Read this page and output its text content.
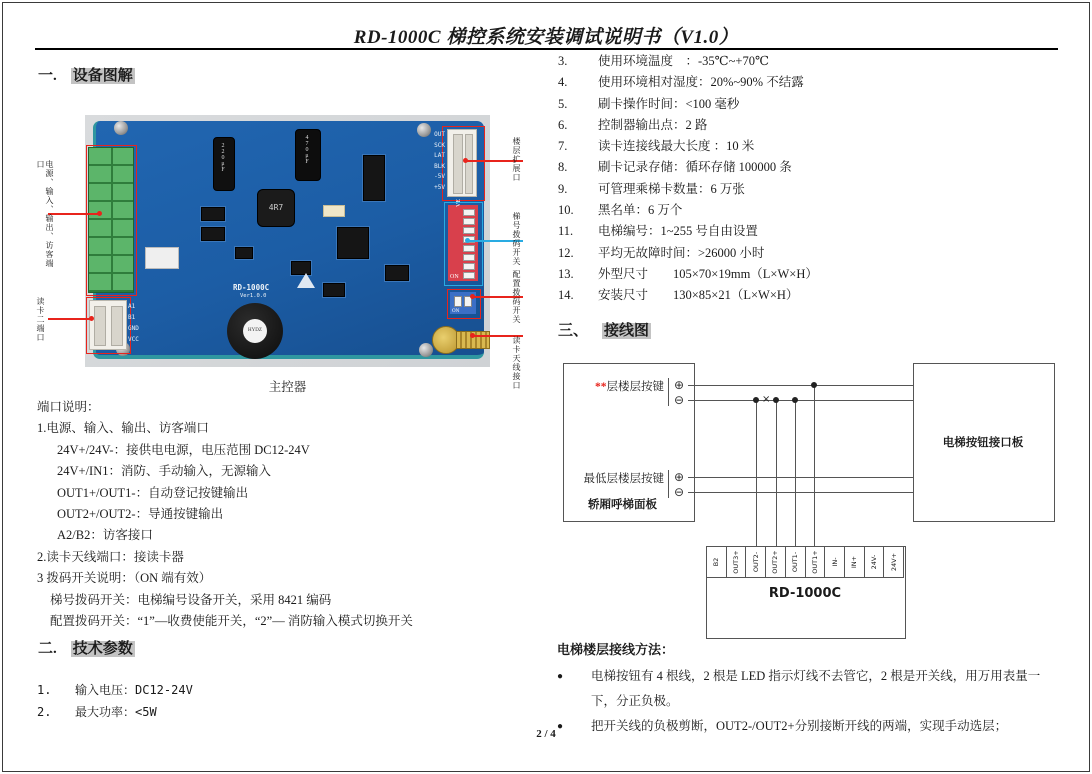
RD-1000C 梯控系统安装调试说明书（V1.0）
一. 设备图解
A1
B1
GND
VCC
OUT
SCK
LAT
BLK
-5V
+5V
VE
ON
ON
HYDZ
220μF	470μF
4R7
RD-1000C
Ver1.0.0
电源、输入、输出、访客端口
读卡二端口
楼层扩展口
梯号拨码开关
配置拨码开关
读卡天线接口
主控器
端口说明：
1.电源、输入、输出、访客端口
24V+/24V-：接供电电源，电压范围 DC12-24V
24V+/IN1：消防、手动输入，无源输入
OUT1+/OUT1-：自动登记按键输出
OUT2+/OUT2-：导通按键输出
A2/B2：访客接口
2.读卡天线端口：接读卡器
3 拨码开关说明：（ON 端有效）
梯号拨码开关：电梯编号设备开关，采用 8421 编码
配置拨码开关：“1”—收费使能开关，“2”— 消防输入模式切换开关
二. 技术参数
1.	输入电压：DC12-24V
2.	最大功率：<5W
3.	使用环境温度　：-35℃~+70℃
4.	使用环境相对湿度：20%~90% 不结露
5.	刷卡操作时间：<100 毫秒
6.	控制器输出点：2 路
7.	读卡连接线最大长度 ：10 米
8.	刷卡记录存储：循环存储 100000 条
9.	可管理乘梯卡数量：6 万张
10.	黑名单：6 万个
11.	电梯编号：1~255 号自由设置
12.	平均无故障时间：>26000 小时
13.	外型尺寸　　105×70×19mm（L×W×H）
14.	安装尺寸　　130×85×21（L×W×H）
三、 接线图
**层楼层按键
最低层楼层按键
轿厢呼梯面板
电梯按钮接口板
⊕
⊖
⊕
⊖
×
B2 OUT3+ OUT2- OUT2+ OUT1- OUT1+ IN- IN+ 24V- 24V+
RD-1000C
电梯楼层接线方法：
●	电梯按钮有 4 根线，2 根是 LED 指示灯线不去管它，2 根是开关线，用万用表量一下，分正负极。
●	把开关线的负极剪断，OUT2-/OUT2+分别接断开线的两端，实现手动选层；
2 / 4
